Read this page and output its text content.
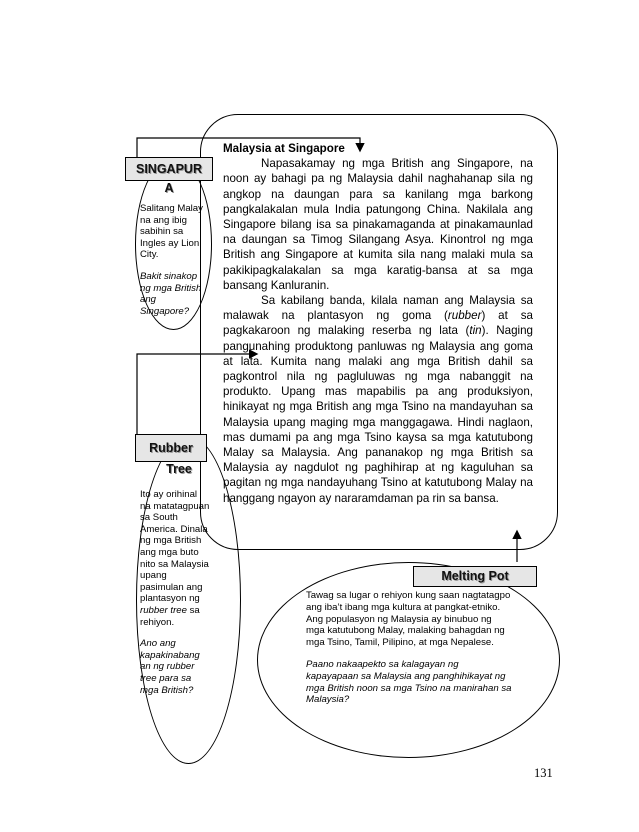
Malaysia at Singapore

Napasakamay ng mga British ang Singapore, na noon ay bahagi pa ng Malaysia dahil naghahanap sila ng angkop na daungan para sa kanilang mga barkong pangkalakalan mula India patungong China. Nakilala ang Singapore bilang isa sa pinakamaganda at pinakamaunlad na daungan sa Timog Silangang Asya. Kinontrol ng mga British ang Singapore at kumita sila nang malaki mula sa pakikipagkalakalan sa mga karatig-bansa at sa mga bansang Kanluranin.

Sa kabilang banda, kilala naman ang Malaysia sa malawak na plantasyon ng goma (rubber) at sa pagkakaroon ng malaking reserba ng lata (tin). Naging pangunahing produktong panluwas ng Malaysia ang goma at lata. Kumita nang malaki ang mga British dahil sa pagkontrol nila ng pagluluwas ng mga nabanggit na produkto. Upang mas mapabilis pa ang produksiyon, hinikayat ng mga British ang mga Tsino na mandayuhan sa Malaysia upang maging mga manggagawa. Hindi naglaon, mas dumami pa ang mga Tsino kaysa sa mga katutubong Malay sa Malaysia. Ang pananakop ng mga British sa Malaysia ay nagdulot ng paghihirap at ng kaguluhan sa pagitan ng mga nandayuhang Tsino at katutubong Malay na hanggang ngayon ay nararamdaman pa rin sa bansa.

SINGAPUR
A

Salitang Malay na ang ibig sabihin sa Ingles ay Lion City.

Bakit sinakop ng mga British ang Singapore?

Rubber
Tree

Ito ay orihinal na matatagpuan sa South America. Dinala ng mga British ang mga buto nito sa Malaysia upang pasimulan ang plantasyon ng rubber tree sa rehiyon.

Ano ang kapakinabang an ng rubber tree para sa mga British?

Melting Pot

Tawag sa lugar o rehiyon kung saan nagtatagpo ang iba’t ibang mga kultura at pangkat-etniko. Ang populasyon ng Malaysia ay binubuo ng mga katutubong Malay, malaking bahagdan ng mga Tsino, Tamil, Pilipino, at mga Nepalese.

Paano nakaapekto sa kalagayan ng kapayapaan sa Malaysia ang panghihikayat ng mga British noon sa mga Tsino na manirahan sa Malaysia?

131
